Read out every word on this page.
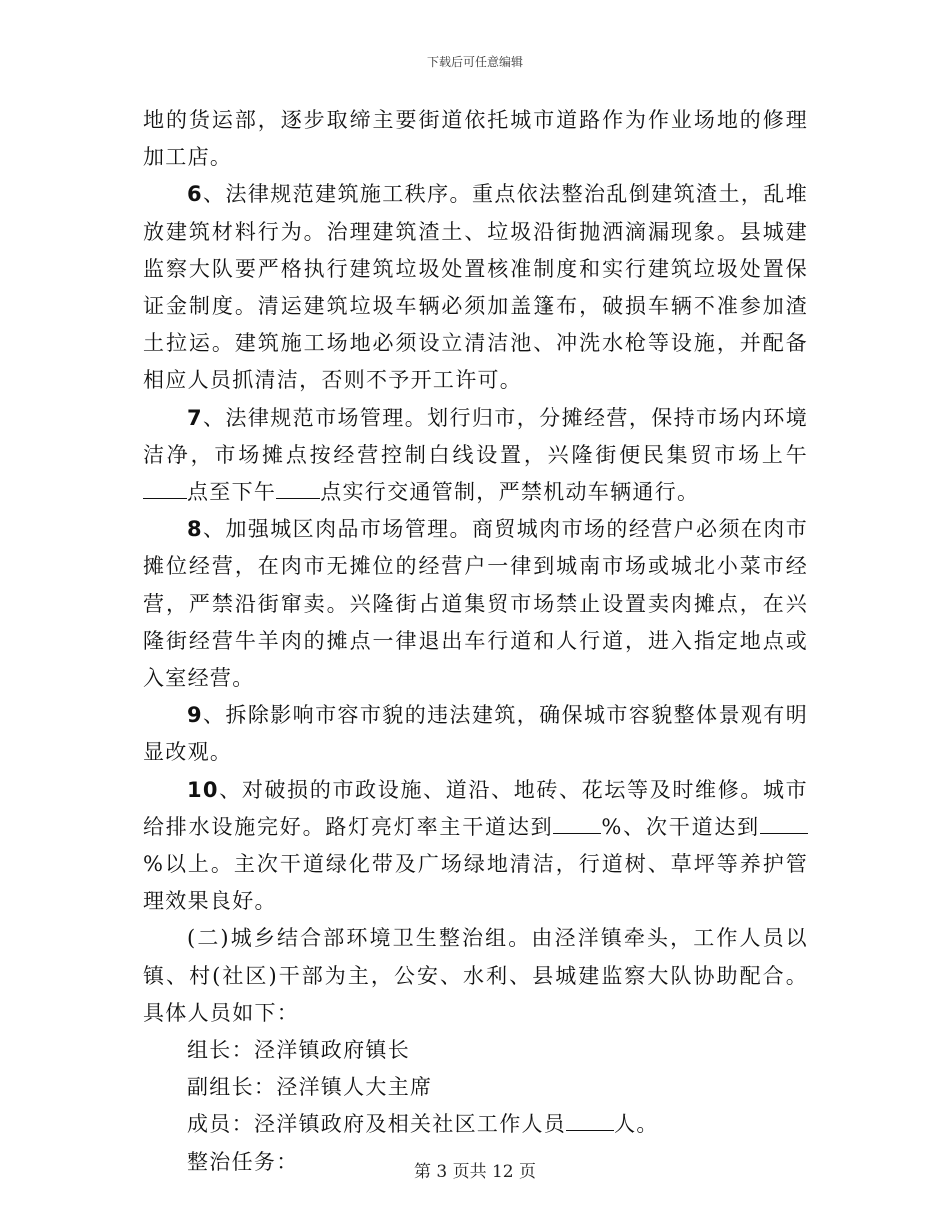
下载后可任意编辑

地的货运部，逐步取缔主要街道依托城市道路作为作业场地的修理加工店。

6、法律规范建筑施工秩序。重点依法整治乱倒建筑渣土，乱堆放建筑材料行为。治理建筑渣土、垃圾沿街抛洒滴漏现象。县城建监察大队要严格执行建筑垃圾处置核准制度和实行建筑垃圾处置保证金制度。清运建筑垃圾车辆必须加盖篷布，破损车辆不准参加渣土拉运。建筑施工场地必须设立清洁池、冲洗水枪等设施，并配备相应人员抓清洁，否则不予开工许可。

7、法律规范市场管理。划行归市，分摊经营，保持市场内环境洁净，市场摊点按经营控制白线设置，兴隆街便民集贸市场上午点至下午 点实行交通管制，严禁机动车辆通行。

8、加强城区肉品市场管理。商贸城肉市场的经营户必须在肉市摊位经营，在肉市无摊位的经营户一律到城南市场或城北小菜市经营，严禁沿街窜卖。兴隆街占道集贸市场禁止设置卖肉摊点，在兴隆街经营牛羊肉的摊点一律退出车行道和人行道，进入指定地点或入室经营。

9、拆除影响市容市貌的违法建筑，确保城市容貌整体景观有明显改观。

10、对破损的市政设施、道沿、地砖、花坛等及时维修。城市给排水设施完好。路灯亮灯率主干道达到 %、次干道达到%以上。主次干道绿化带及广场绿地清洁，行道树、草坪等养护管理效果良好。

(二)城乡结合部环境卫生整治组。由泾洋镇牵头，工作人员以镇、村(社区)干部为主，公安、水利、县城建监察大队协助配合。具体人员如下：

组长：泾洋镇政府镇长

副组长：泾洋镇人大主席

成员：泾洋镇政府及相关社区工作人员 人。

整治任务：	第 3 页共 12 页
